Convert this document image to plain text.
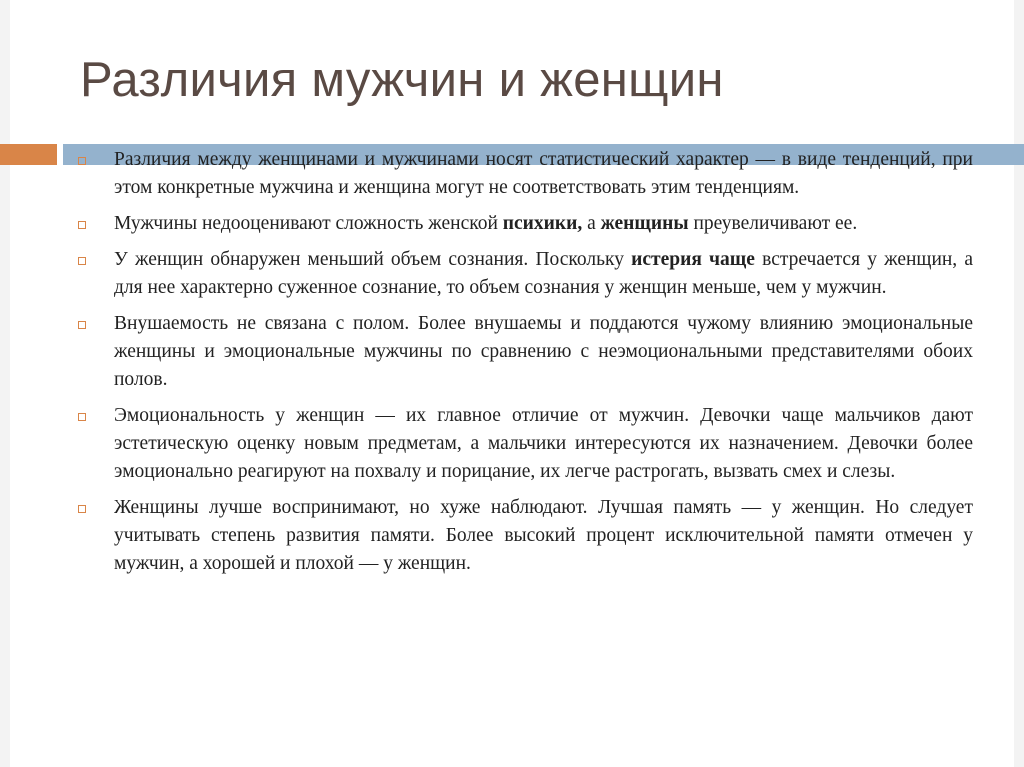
Различия мужчин и женщин
Различия между женщинами и мужчинами носят статистический характер — в виде тенденций, при этом конкретные мужчина и женщина могут не соответствовать этим тенденциям.
Мужчины недооценивают сложность женской психики, а женщины преувеличивают ее.
У женщин обнаружен меньший объем сознания. Поскольку истерия чаще встречается у женщин, а для нее характерно суженное сознание, то объем сознания у женщин меньше, чем у мужчин.
Внушаемость не связана с полом. Более внушаемы и поддаются чужому влиянию эмоциональные женщины и эмоциональные мужчины по сравнению с неэмоциональными представителями обоих полов.
Эмоциональность у женщин — их главное отличие от мужчин. Девочки чаще мальчиков дают эстетическую оценку новым предметам, а мальчики интересуются их назначением. Девочки более эмоционально реагируют на похвалу и порицание, их легче растрогать, вызвать смех и слезы.
Женщины лучше воспринимают, но хуже наблюдают. Лучшая память — у женщин. Но следует учитывать степень развития памяти. Более высокий процент исключительной памяти отмечен у мужчин, а хорошей и плохой — у женщин.
